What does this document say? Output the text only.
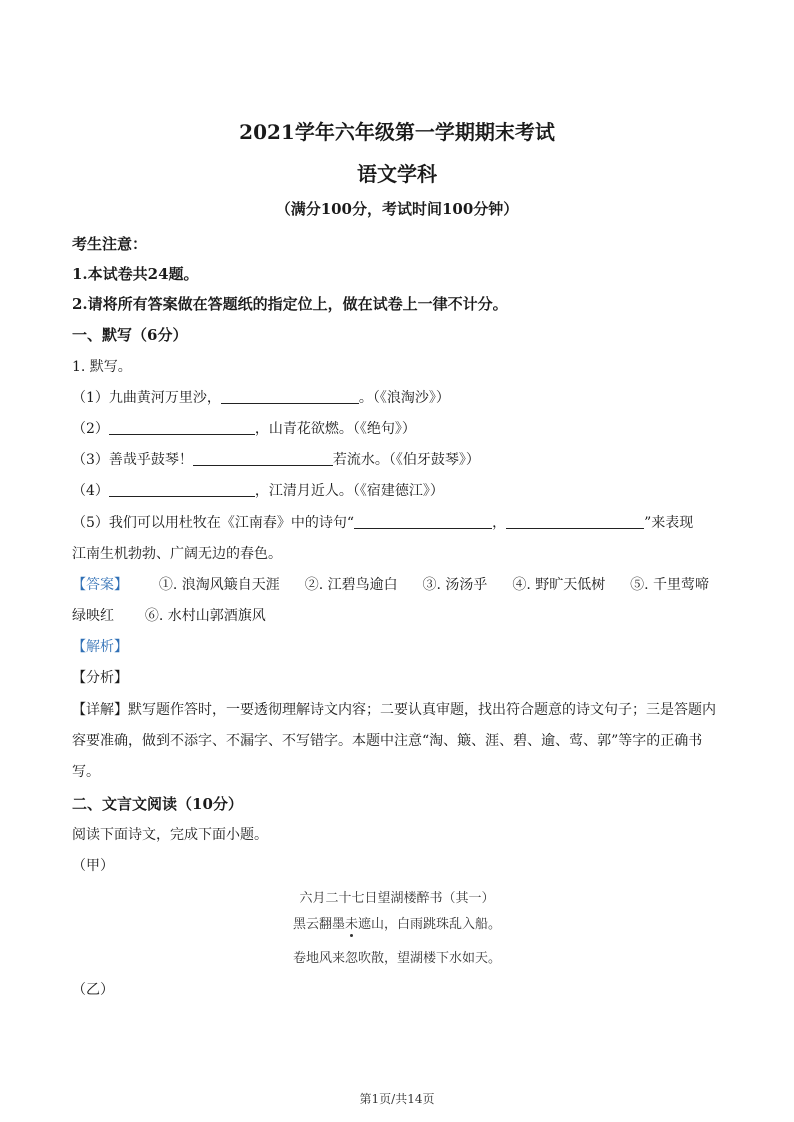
2021学年六年级第一学期期末考试
语文学科
（满分100分，考试时间100分钟）
考生注意：
1.本试卷共24题。
2.请将所有答案做在答题纸的指定位上，做在试卷上一律不计分。
一、默写（6分）
1. 默写。
（1）九曲黄河万里沙，	。（《浪淘沙》）
（2）	，山青花欲燃。（《绝句》）
（3）善哉乎鼓琴！	若流水。（《伯牙鼓琴》）
（4）	，江清月近人。（《宿建德江》）
（5）我们可以用杜牧在《江南春》中的诗句“	，	”来表现
江南生机勃勃、广阔无边的春色。
【答案】 ①. 浪淘风簸自天涯 ②. 江碧鸟逾白 ③. 汤汤乎 ④. 野旷天低树 ⑤. 千里莺啼
绿映红 ⑥. 水村山郭酒旗风
【解析】
【分析】
【详解】默写题作答时，一要透彻理解诗文内容；二要认真审题，找出符合题意的诗文句子；三是答题内
容要准确，做到不添字、不漏字、不写错字。本题中注意“淘、簸、涯、碧、逾、莺、郭”等字的正确书
写。
二、文言文阅读（10分）
阅读下面诗文，完成下面小题。
（甲）
六月二十七日望湖楼醉书（其一）
黑云翻墨未遮山，白雨跳珠乱入船。
卷地风来忽吹散，望湖楼下水如天。
（乙）
第1页/共14页
